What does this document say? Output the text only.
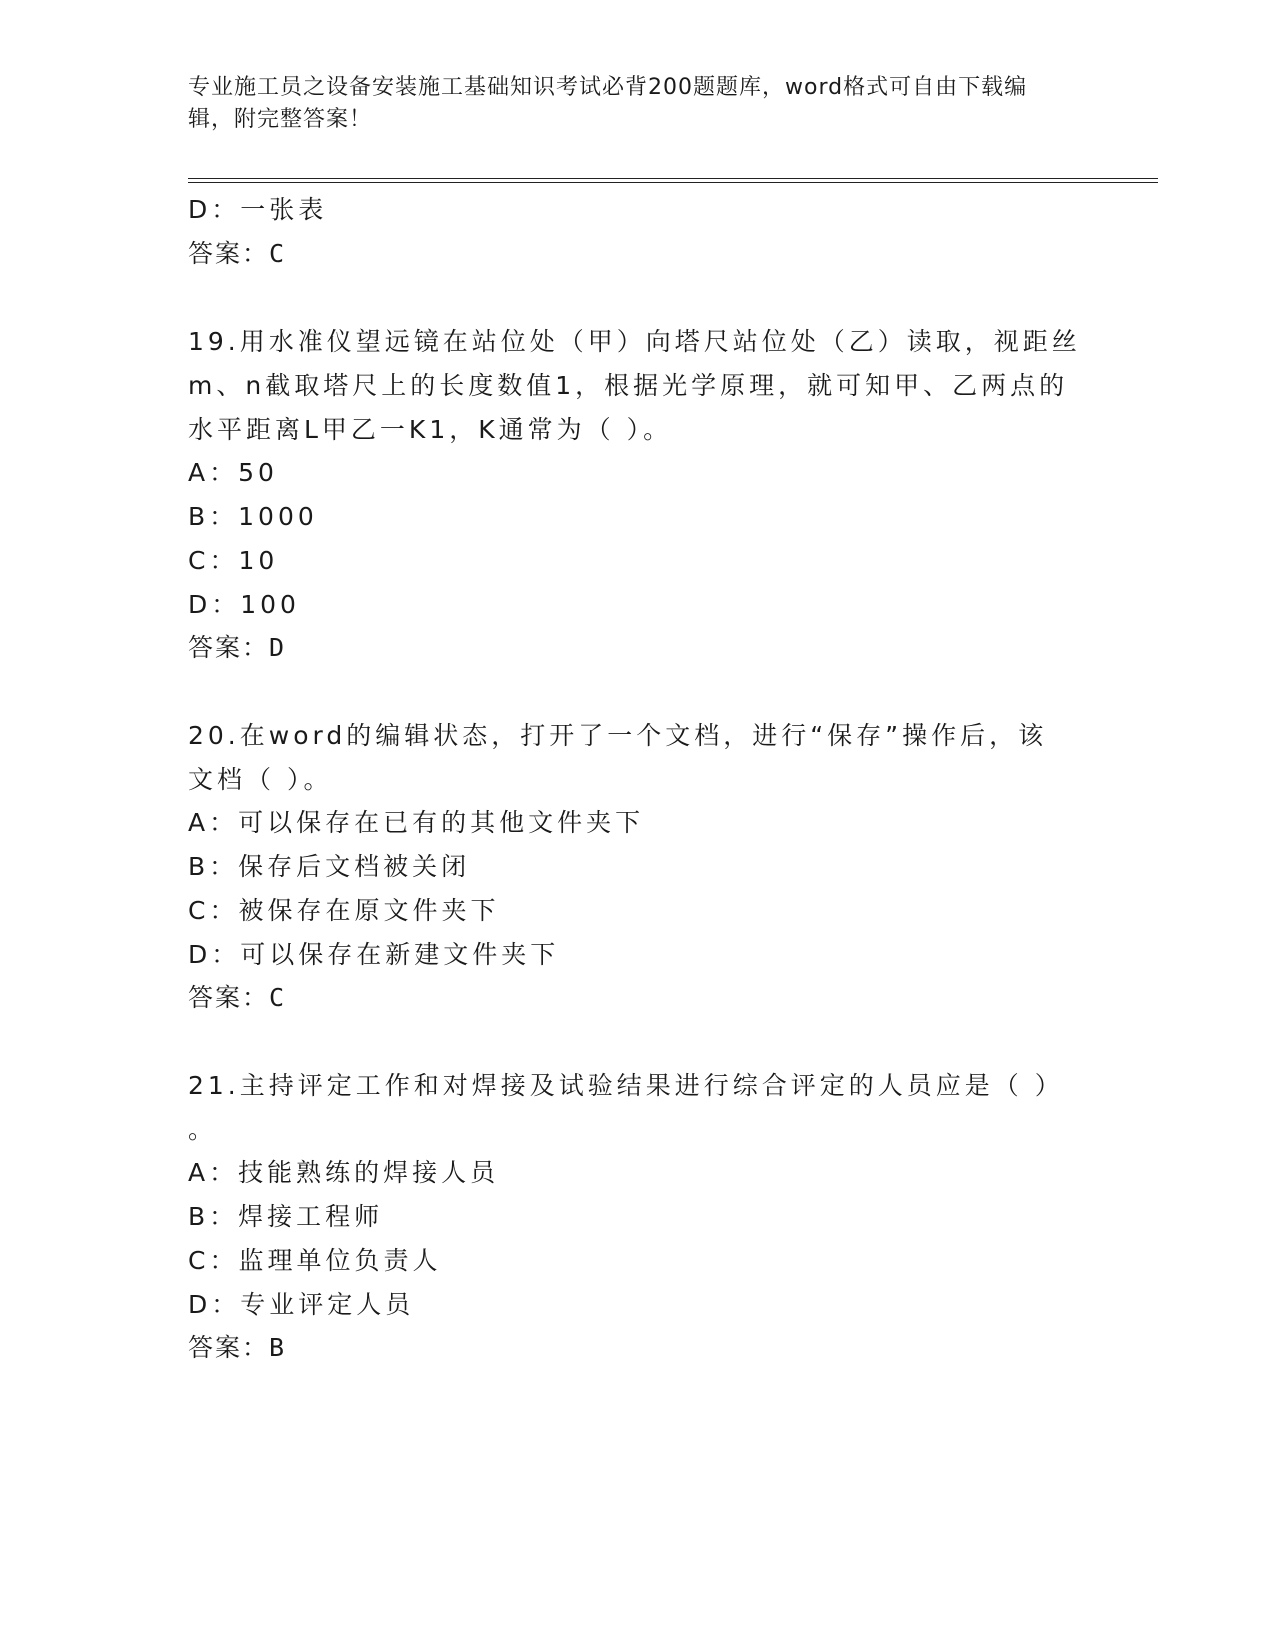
专业施工员之设备安装施工基础知识考试必背200题题库，word格式可自由下载编辑，附完整答案！
D：一张表
答案：C
19.用水准仪望远镜在站位处（甲）向塔尺站位处（乙）读取，视距丝
m、n截取塔尺上的长度数值1，根据光学原理，就可知甲、乙两点的
水平距离L甲乙一K1，K通常为（ ）。
A：50
B：1000
C：10
D：100
答案：D
20.在word的编辑状态，打开了一个文档，进行“保存”操作后，该
文档（ ）。
A：可以保存在已有的其他文件夹下
B：保存后文档被关闭
C：被保存在原文件夹下
D：可以保存在新建文件夹下
答案：C
21.主持评定工作和对焊接及试验结果进行综合评定的人员应是（ ）
。
A：技能熟练的焊接人员
B：焊接工程师
C：监理单位负责人
D：专业评定人员
答案：B
